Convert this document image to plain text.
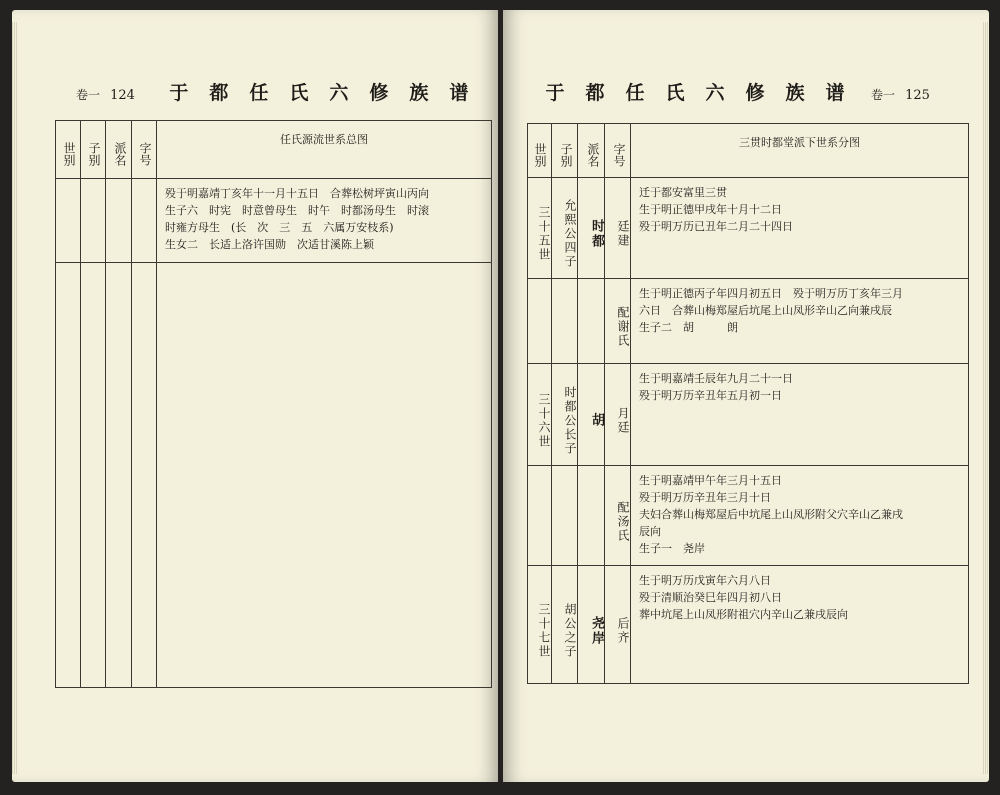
卷一 124 于 都 任 氏 六 修 族 谱
世别	子别	派名	字号	任氏源流世系总图

				殁于明嘉靖丁亥年十一月十五日　合葬松树坪寅山丙向
生子六　时宪　时意曾母生　时午　时都汤母生　时滚
时雍方母生　(长　次　三　五　六属万安枝系)
生女二　长适上洛许国勋　次适甘溪陈上颖

于 都 任 氏 六 修 族 谱 卷一 125
世别	子别	派名	字号	三贯时都堂派下世系分图
三十五世	允熙公四子	时都	廷建	迁于都安富里三贯
生于明正德甲戌年十月十二日
殁于明万历已丑年二月二十四日

			配谢氏	生于明正德丙子年四月初五日　殁于明万历丁亥年三月
六日　合葬山梅郑屋后坑尾上山凤形辛山乙向兼戌辰
生子二　胡　　　朗

三十六世	时都公长子	胡	月廷	生于明嘉靖壬辰年九月二十一日
殁于明万历辛丑年五月初一日

			配汤氏	生于明嘉靖甲午年三月十五日
殁于明万历辛丑年三月十日
夫妇合葬山梅郑屋后中坑尾上山凤形附父穴辛山乙兼戌
辰向
生子一　尧岸

三十七世	胡公之子	尧岸	后齐	生于明万历戊寅年六月八日
殁于清顺治癸巳年四月初八日
葬中坑尾上山凤形附祖穴内辛山乙兼戌辰向
